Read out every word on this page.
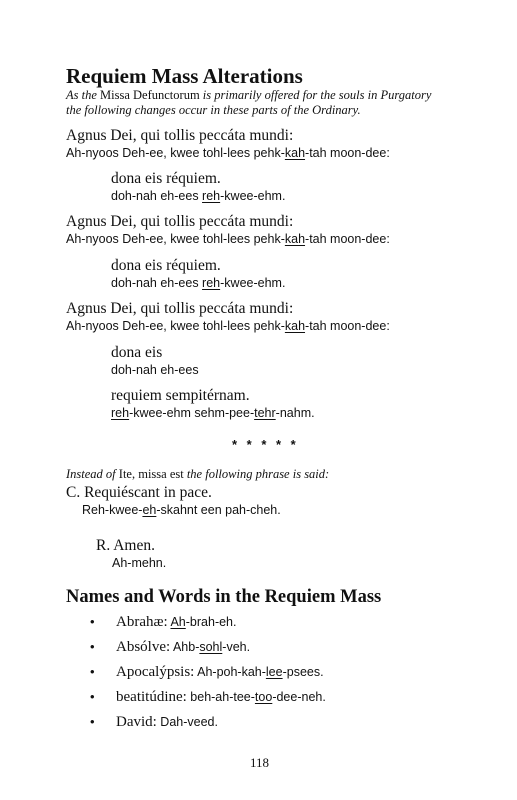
Requiem Mass Alterations
As the Missa Defunctorum is primarily offered for the souls in Purgatory
the following changes occur in these parts of the Ordinary.
Agnus Dei, qui tollis peccáta mundi:
Ah-nyoos Deh-ee, kwee tohl-lees pehk-kah-tah moon-dee:
dona eis réquiem.
doh-nah eh-ees reh-kwee-ehm.
Agnus Dei, qui tollis peccáta mundi:
Ah-nyoos Deh-ee, kwee tohl-lees pehk-kah-tah moon-dee:
dona eis réquiem.
doh-nah eh-ees reh-kwee-ehm.
Agnus Dei, qui tollis peccáta mundi:
Ah-nyoos Deh-ee, kwee tohl-lees pehk-kah-tah moon-dee:
dona eis
doh-nah eh-ees
requiem sempitérnam.
reh-kwee-ehm sehm-pee-tehr-nahm.
* * * * *
Instead of Ite, missa est the following phrase is said:
C. Requiéscant in pace.
Reh-kwee-eh-skahnt een pah-cheh.
R. Amen.
Ah-mehn.
Names and Words in the Requiem Mass
• Abrahæ: Ah-brah-eh.
• Absólve: Ahb-sohl-veh.
• Apocalýpsis: Ah-poh-kah-lee-psees.
• beatitúdine: beh-ah-tee-too-dee-neh.
• David: Dah-veed.
118
